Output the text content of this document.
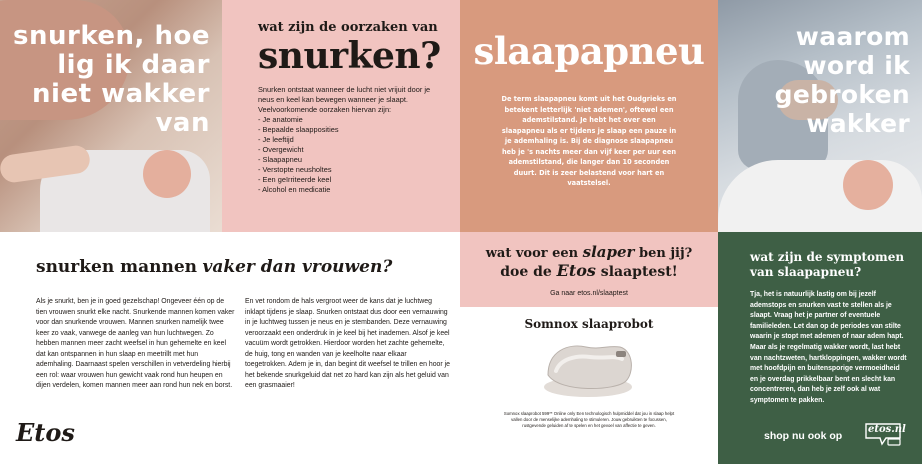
snurken, hoe lig ik daar niet wakker van
wat zijn de oorzaken van
snurken?

Snurken ontstaat wanneer de lucht niet vrijuit door je neus en keel kan bewegen wanneer je slaapt. Veelvoorkomende oorzaken hiervan zijn:

- Je anatomie
- Bepaalde slaapposities
- Je leeftijd
- Overgewicht
- Slaapapneu
- Verstopte neusholtes
- Een geïrriteerde keel
- Alcohol en medicatie
slaapapneu

De term slaapapneu komt uit het Oudgrieks en betekent letterlijk 'niet ademen', oftewel een ademstilstand. Je hebt het over een slaapapneu als er tijdens je slaap een pauze in je ademhaling is. Bij de diagnose slaapapneu heb je 's nachts meer dan vijf keer per uur een ademstilstand, die langer dan 10 seconden duurt. Dit is zeer belastend voor hart en vaatstelsel.

waarom word ik gebroken wakker
snurken mannen vaker dan vrouwen?

Als je snurkt, ben je in goed gezelschap! Ongeveer één op de tien vrouwen snurkt elke nacht. Snurkende mannen komen vaker voor dan snurkende vrouwen. Mannen snurken namelijk twee keer zo vaak, vanwege de aanleg van hun luchtwegen. Zo hebben mannen meer zacht weefsel in hun gehemelte en keel dat kan ontspannen in hun slaap en meetrillt met hun ademhaling. Daarnaast spelen verschillen in vetverdeling hierbij een rol: waar vrouwen hun gewicht vaak rond hun heupen en dijen verdelen, komen mannen meer aan rond hun nek en borst.

En vet rondom de hals vergroot weer de kans dat je luchtweg inklapt tijdens je slaap. Snurken ontstaat dus door een vernauwing in je luchtweg tussen je neus en je stembanden. Deze vernauwing veroorzaakt een onderdruk in je keel bij het inademen. Alsof je keel vacuüm wordt getrokken. Hierdoor worden het zachte gehemelte, de huig, tong en wanden van je keelholte naar elkaar toegetrokken. Adem je in, dan begint dit weefsel te trillen en hoor je het bekende snurkgeluid dat net zo hard kan zijn als het geluid van een grasmaaier!

Etos
wat voor een slaper ben jij?
doe de Etos slaaptest!
Ga naar etos.nl/slaaptest
Somnox slaaprobot

Somnox slaaprobot 599** Online only Een technologisch hulpmiddel dat jou in slaap helpt vallen door de menselijke ademhaling te stimuleren. Jouw gebruikten te focussen, rustgevende geluiden af te spelen en het gevoel van affectie te geven.

wat zijn de symptomen van slaapapneu?

Tja, het is natuurlijk lastig om bij jezelf ademstops en snurken vast te stellen als je slaapt. Vraag het je partner of eventuele familieleden. Let dan op de periodes van stilte waarin je stopt met ademen of naar adem hapt. Maar als je regelmatig wakker wordt, last hebt van nachtzweten, hartkloppingen, wakker wordt met hoofdpijn en buitensporige vermoeidheid en je overdag prikkelbaar bent en slecht kan concentreren, dan heb je zelf ook al wat symptomen te pakken.

shop nu ook op
etos.nl
